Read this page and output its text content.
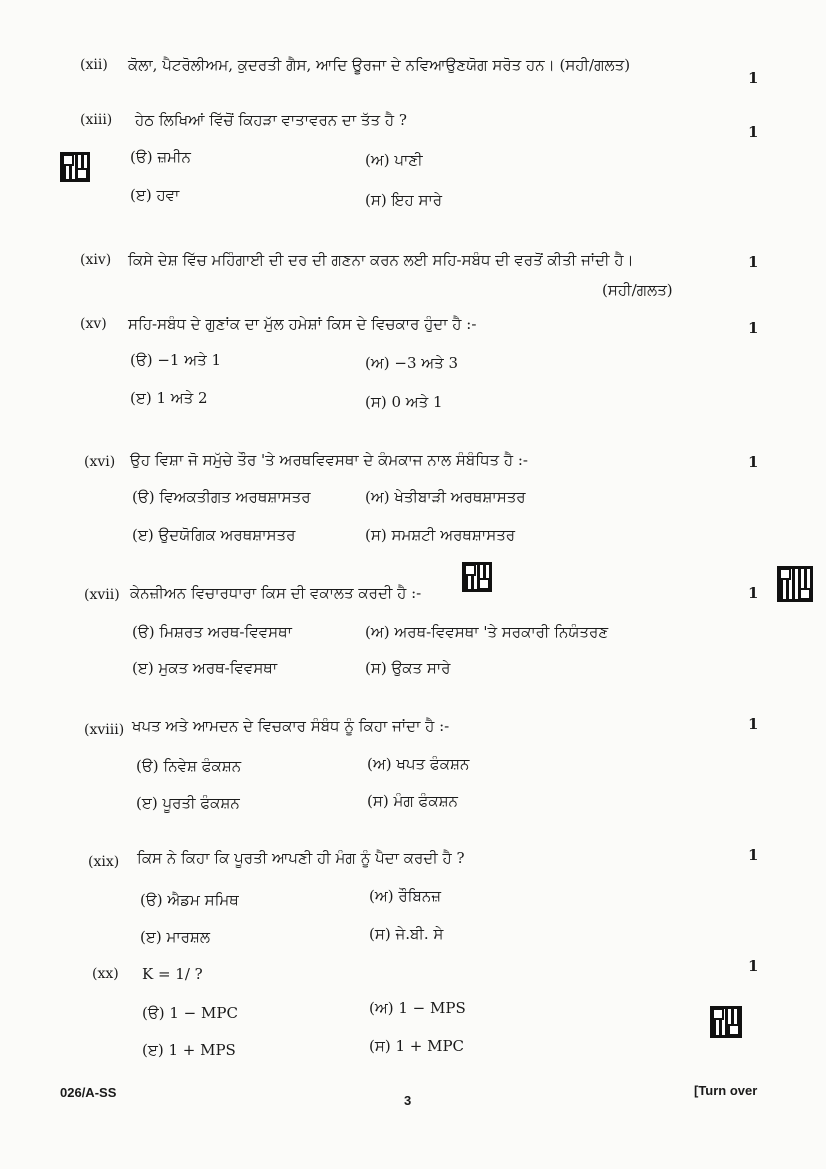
(xii) ਕੋਲਾ, ਪੈਟਰੋਲੀਅਮ, ਕੁਦਰਤੀ ਗੈਸ, ਆਦਿ ਊਰਜਾ ਦੇ ਨਵਿਆਉਣਯੋਗ ਸਰੋਤ ਹਨ। (ਸਹੀ/ਗਲਤ)
1
(xiii) ਹੇਠ ਲਿਖਿਆਂ ਵਿੱਚੋਂ ਕਿਹੜਾ ਵਾਤਾਵਰਨ ਦਾ ਤੱਤ ਹੈ ?
1
(ੳ) ਜ਼ਮੀਨ	(ਅ) ਪਾਣੀ
(ੲ) ਹਵਾ	(ਸ) ਇਹ ਸਾਰੇ
(xiv) ਕਿਸੇ ਦੇਸ਼ ਵਿੱਚ ਮਹਿੰਗਾਈ ਦੀ ਦਰ ਦੀ ਗਣਨਾ ਕਰਨ ਲਈ ਸਹਿ-ਸਬੰਧ ਦੀ ਵਰਤੋਂ ਕੀਤੀ ਜਾਂਦੀ ਹੈ।
(ਸਹੀ/ਗਲਤ)
1
(xv) ਸਹਿ-ਸਬੰਧ ਦੇ ਗੁਣਾਂਕ ਦਾ ਮੁੱਲ ਹਮੇਸ਼ਾਂ ਕਿਸ ਦੇ ਵਿਚਕਾਰ ਹੁੰਦਾ ਹੈ :-	1
(ੳ) −1 ਅਤੇ 1	(ਅ) −3 ਅਤੇ 3
(ੲ) 1 ਅਤੇ 2	(ਸ) 0 ਅਤੇ 1
(xvi) ਉਹ ਵਿਸ਼ਾ ਜੋ ਸਮੁੱਚੇ ਤੌਰ 'ਤੇ ਅਰਥਵਿਵਸਥਾ ਦੇ ਕੰਮਕਾਜ ਨਾਲ ਸੰਬੰਧਿਤ ਹੈ :-	1
(ੳ) ਵਿਅਕਤੀਗਤ ਅਰਥਸ਼ਾਸਤਰ	(ਅ) ਖੇਤੀਬਾੜੀ ਅਰਥਸ਼ਾਸਤਰ
(ੲ) ਉਦਯੋਗਿਕ ਅਰਥਸ਼ਾਸਤਰ	(ਸ) ਸਮਸ਼ਟੀ ਅਰਥਸ਼ਾਸਤਰ
(xvii) ਕੇਨਜ਼ੀਅਨ ਵਿਚਾਰਧਾਰਾ ਕਿਸ ਦੀ ਵਕਾਲਤ ਕਰਦੀ ਹੈ :-	1
(ੳ) ਮਿਸ਼ਰਤ ਅਰਥ-ਵਿਵਸਥਾ	(ਅ) ਅਰਥ-ਵਿਵਸਥਾ 'ਤੇ ਸਰਕਾਰੀ ਨਿਯੰਤਰਣ
(ੲ) ਮੁਕਤ ਅਰਥ-ਵਿਵਸਥਾ	(ਸ) ਉਕਤ ਸਾਰੇ
(xviii) ਖਪਤ ਅਤੇ ਆਮਦਨ ਦੇ ਵਿਚਕਾਰ ਸੰਬੰਧ ਨੂੰ ਕਿਹਾ ਜਾਂਦਾ ਹੈ :-	1
(ੳ) ਨਿਵੇਸ਼ ਫੰਕਸ਼ਨ	(ਅ) ਖਪਤ ਫੰਕਸ਼ਨ
(ੲ) ਪੂਰਤੀ ਫੰਕਸ਼ਨ	(ਸ) ਮੰਗ ਫੰਕਸ਼ਨ
(xix) ਕਿਸ ਨੇ ਕਿਹਾ ਕਿ ਪੂਰਤੀ ਆਪਣੀ ਹੀ ਮੰਗ ਨੂੰ ਪੈਦਾ ਕਰਦੀ ਹੈ ?	1
(ੳ) ਐਡਮ ਸਮਿਥ	(ਅ) ਰੌਬਿਨਜ਼
(ੲ) ਮਾਰਸ਼ਲ	(ਸ) ਜੇ.ਬੀ. ਸੇ
(xx) K = 1/ ?	1
(ੳ) 1 − MPC	(ਅ) 1 − MPS
(ੲ) 1 + MPS	(ਸ) 1 + MPC
026/A-SS
3
[Turn over
